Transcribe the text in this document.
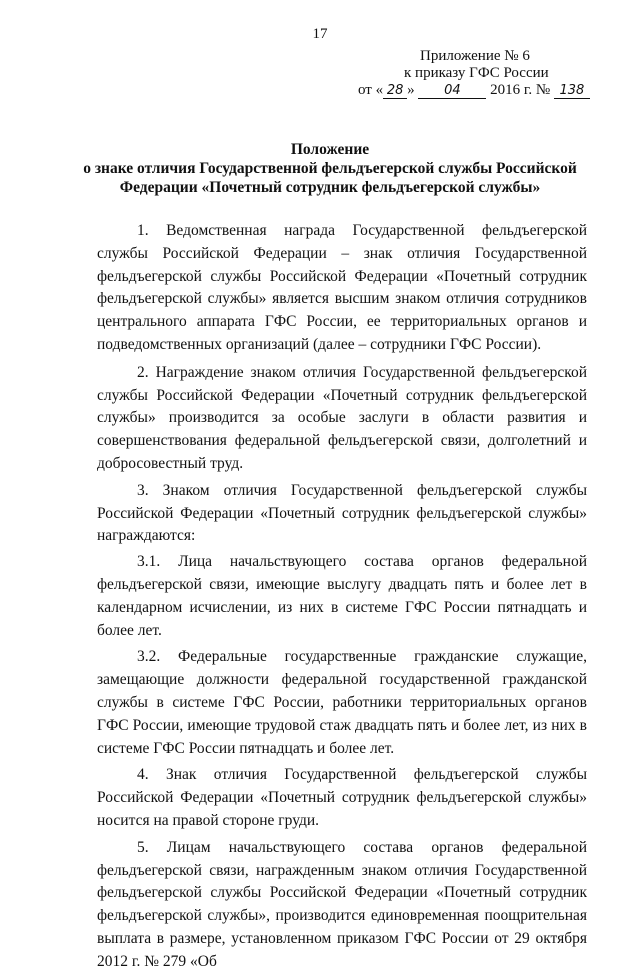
17
Приложение № 6
к приказу ГФС России
от « 28 » 04 2016 г. № 138
Положение
о знаке отличия Государственной фельдъегерской службы Российской
Федерации «Почетный сотрудник фельдъегерской службы»

1. Ведомственная награда Государственной фельдъегерской службы Российской Федерации – знак отличия Государственной фельдъегерской службы Российской Федерации «Почетный сотрудник фельдъегерской службы» является высшим знаком отличия сотрудников центрального аппарата ГФС России, ее территориальных органов и подведомственных организаций (далее – сотрудники ГФС России).

2. Награждение знаком отличия Государственной фельдъегерской службы Российской Федерации «Почетный сотрудник фельдъегерской службы» производится за особые заслуги в области развития и совершенствования федеральной фельдъегерской связи, долголетний и добросовестный труд.

3. Знаком отличия Государственной фельдъегерской службы Российской Федерации «Почетный сотрудник фельдъегерской службы» награждаются:

3.1. Лица начальствующего состава органов федеральной фельдъегерской связи, имеющие выслугу двадцать пять и более лет в календарном исчислении, из них в системе ГФС России пятнадцать и более лет.

3.2. Федеральные государственные гражданские служащие, замещающие должности федеральной государственной гражданской службы в системе ГФС России, работники территориальных органов ГФС России, имеющие трудовой стаж двадцать пять и более лет, из них в системе ГФС России пятнадцать и более лет.

4. Знак отличия Государственной фельдъегерской службы Российской Федерации «Почетный сотрудник фельдъегерской службы» носится на правой стороне груди.

5. Лицам начальствующего состава органов федеральной фельдъегерской связи, награжденным знаком отличия Государственной фельдъегерской службы Российской Федерации «Почетный сотрудник фельдъегерской службы», производится единовременная поощрительная выплата в размере, установленном приказом ГФС России от 29 октября 2012 г. № 279 «Об
